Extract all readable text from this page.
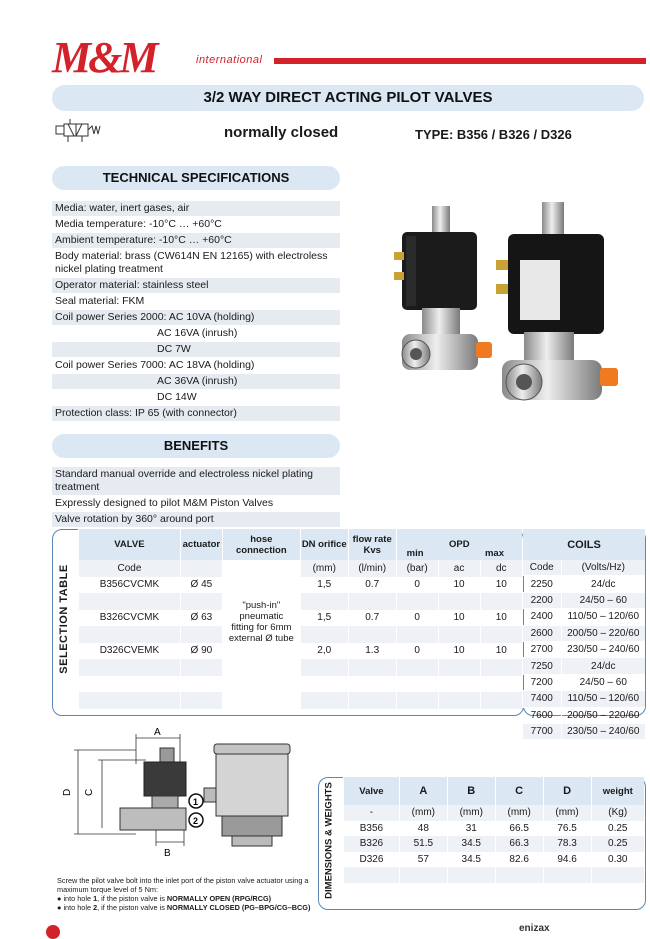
M&M	international
3/2 WAY DIRECT ACTING PILOT VALVES
normally closed	TYPE: B356 / B326 / D326
TECHNICAL SPECIFICATIONS
Media: water, inert gases, air
Media temperature: -10°C … +60°C
Ambient temperature: -10°C … +60°C
Body material: brass (CW614N EN 12165) with electroless nickel plating treatment
Operator material: stainless steel
Seal material: FKM
Coil power Series 2000: AC 10VA (holding)
AC 16VA (inrush)
DC 7W
Coil power Series 7000: AC 18VA (holding)
AC 36VA (inrush)
DC 14W
Protection class: IP 65 (with connector)
BENEFITS
Standard manual override and electroless nickel plating treatment
Expressly designed to pilot M&M Piston Valves
Valve rotation by 360° around port
SELECTION TABLE
VALVE	actuator	hose connection	DN orifice	flow rate Kvs	OPD
min max		

Code		"push-in" pneumatic fitting for 6mm external Ø tube	(mm)	(l/min)	(bar)	ac	dc
B356CVCMK	Ø 45		1,5	0.7	0	10	10

B326CVCMK	Ø 63		1,5	0.7	0	10	10

D326CVEMK	Ø 90		2,0	1.3	0	10	10

COILS	
Code	(Volts/Hz)
2250	24/dc
2200	24/50 – 60
2400	110/50 – 120/60
2600	200/50 – 220/60
2700	230/50 – 240/60
7250	24/dc
7200	24/50 – 60
7400	110/50 – 120/60
7600	200/50 – 220/60
7700	230/50 – 240/60
A
B
C
D
1
2	DIMENSIONS & WEIGHTS	Valve	A	B	C	D	weight
-	(mm)	(mm)	(mm)	(mm)	(Kg)
B356	48	31	66.5	76.5	0.25
B326	51.5	34.5	66.3	78.3	0.25
D326	57	34.5	82.6	94.6	0.30

Screw the pilot valve bolt into the inlet port of the piston valve actuator using a maximum torque level of 5 Nm:
● into hole 1, if the piston valve is NORMALLY OPEN (RPG/RCG)
● into hole 2, if the piston valve is NORMALLY CLOSED (PG–BPG/CG–BCG)
enizax
